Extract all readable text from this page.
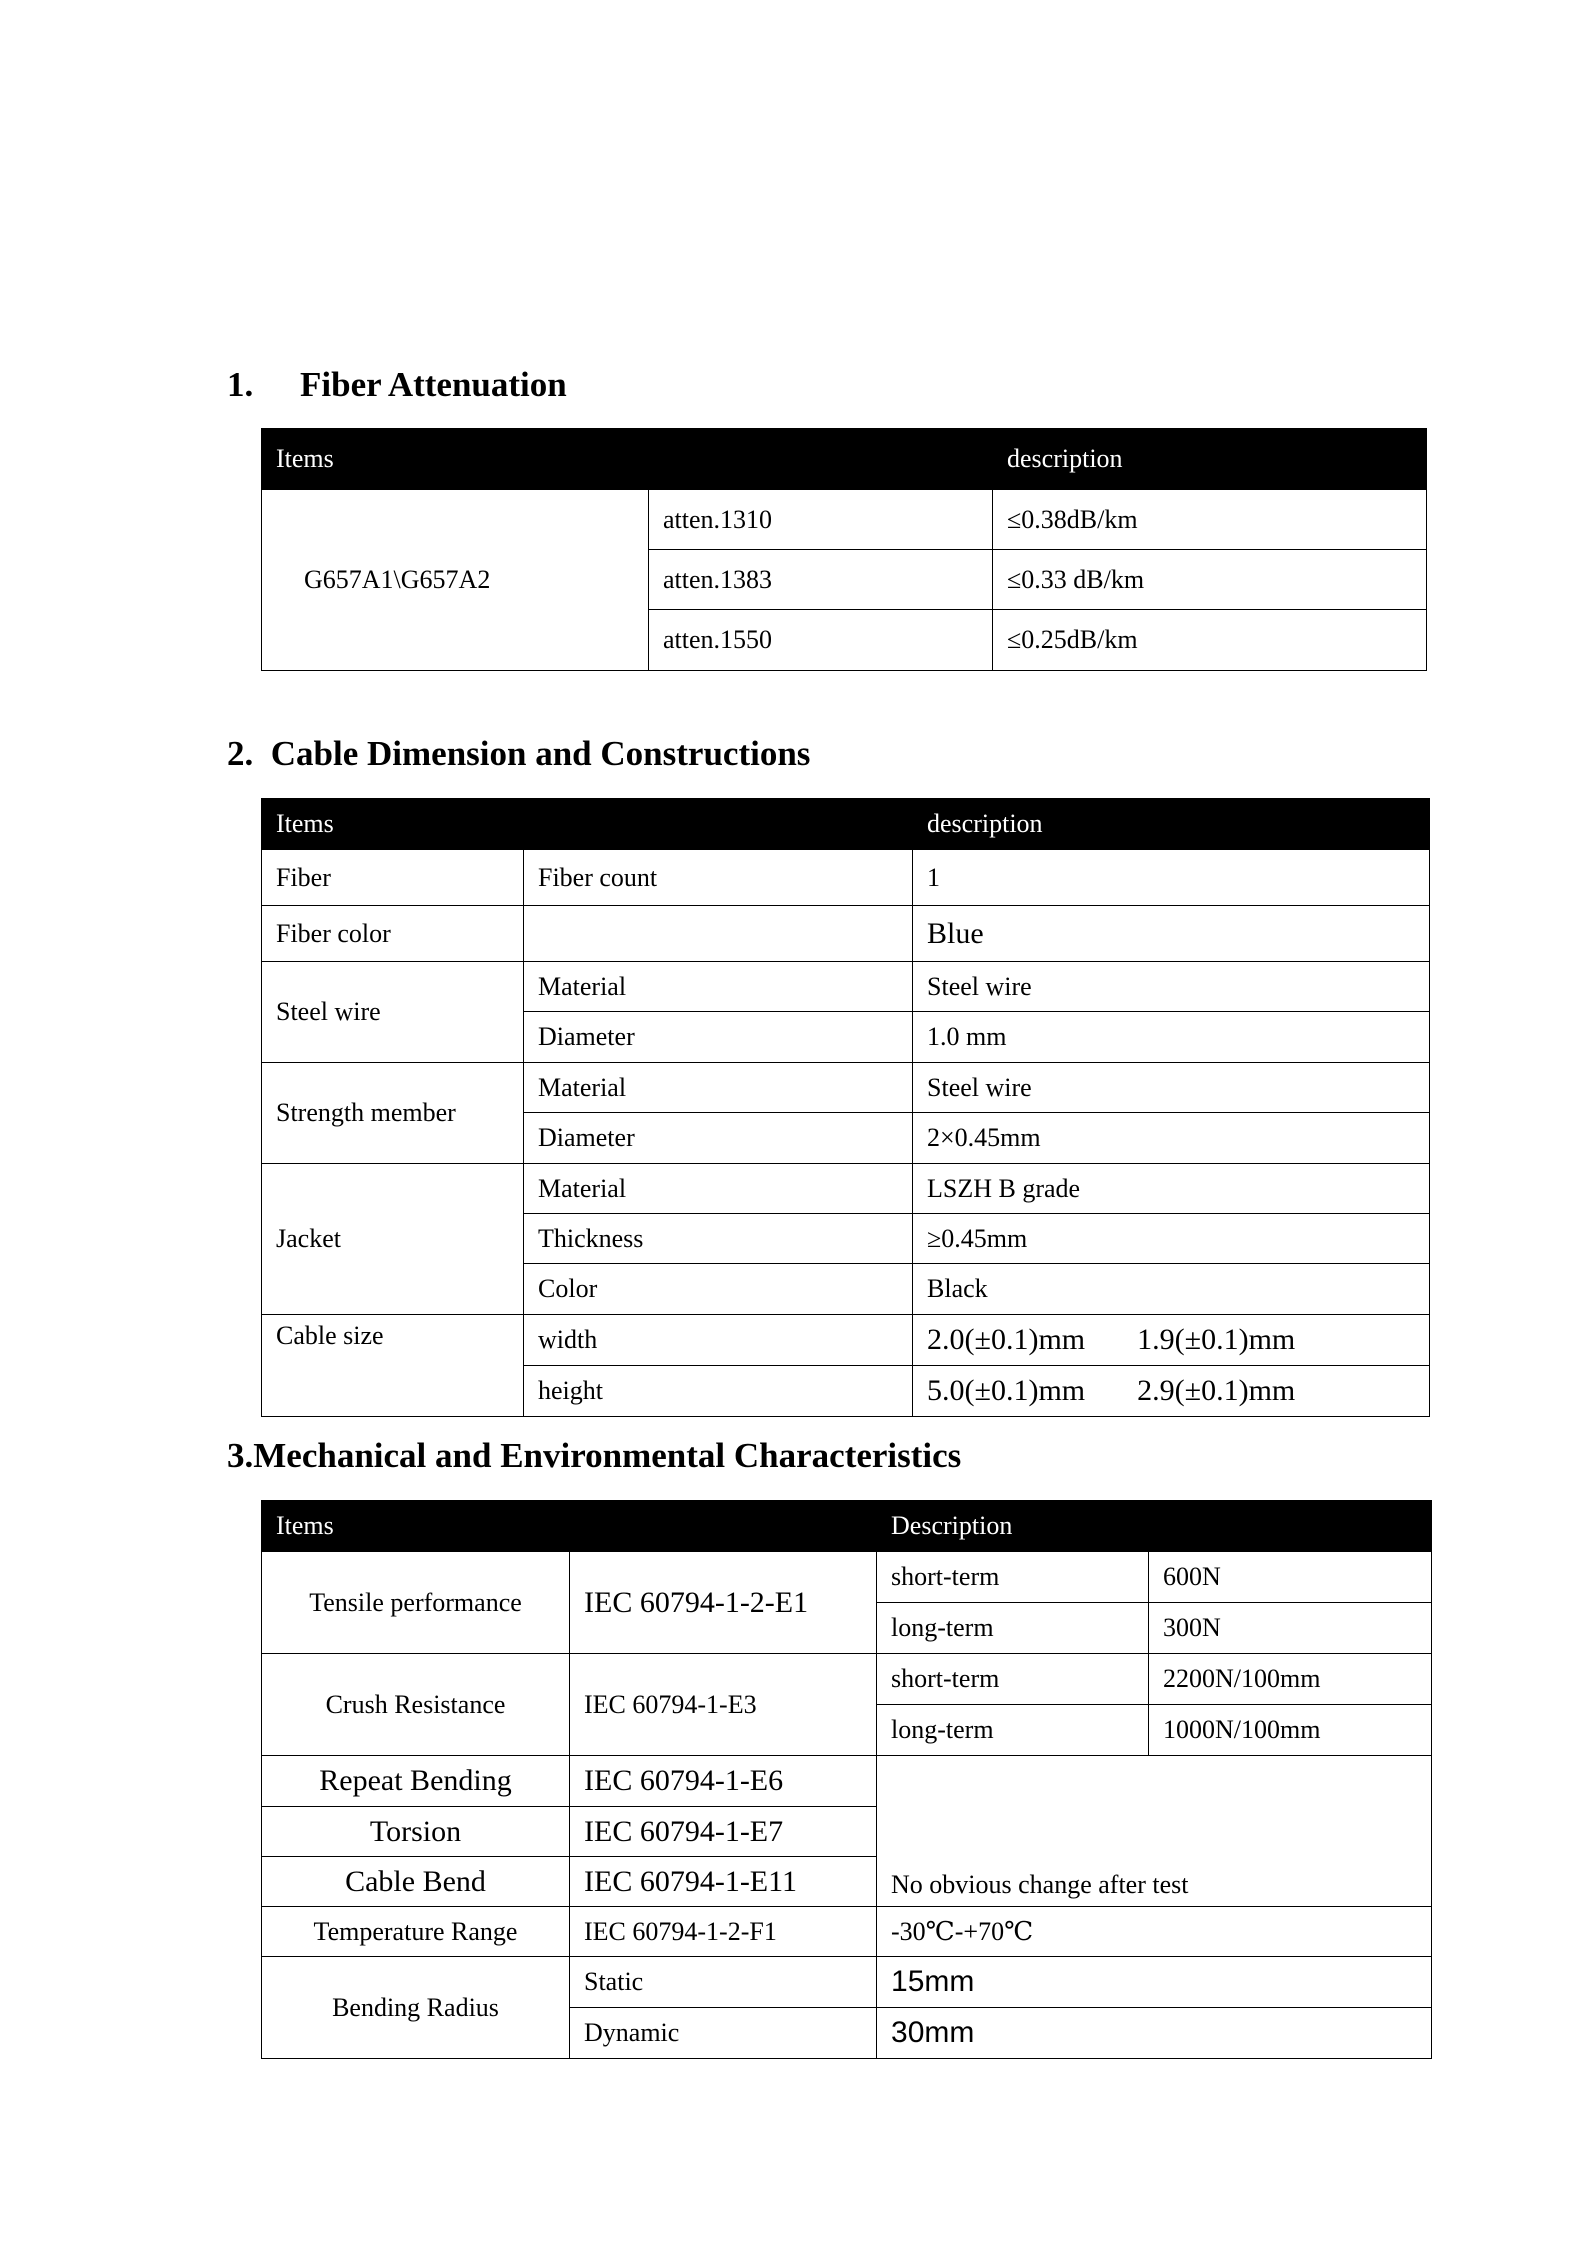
1. Fiber Attenuation
Items		description
G657A1\G657A2	atten.1310	≤0.38dB/km
	atten.1383	≤0.33 dB/km
	atten.1550	≤0.25dB/km
2.  Cable Dimension and Constructions
Items		description
Fiber	Fiber count	1
Fiber color		Blue
Steel wire	Material	Steel wire
	Diameter	1.0 mm
Strength member	Material	Steel wire
	Diameter	2×0.45mm
Jacket	Material	LSZH B grade
	Thickness	≥0.45mm
	Color	Black
Cable size	width	2.0(±0.1)mm 1.9(±0.1)mm
	height	5.0(±0.1)mm 2.9(±0.1)mm
3.Mechanical and Environmental Characteristics
Items		Description	
Tensile performance	IEC 60794-1-2-E1	short-term	600N
		long-term	300N
Crush Resistance	IEC 60794-1-E3	short-term	2200N/100mm
		long-term	1000N/100mm
Repeat Bending	IEC 60794-1-E6	No obvious change after test	
Torsion	IEC 60794-1-E7		
Cable Bend	IEC 60794-1-E11		
Temperature Range	IEC 60794-1-2-F1	-30℃-+70℃	
Bending Radius	Static	15mm	
	Dynamic	30mm	
